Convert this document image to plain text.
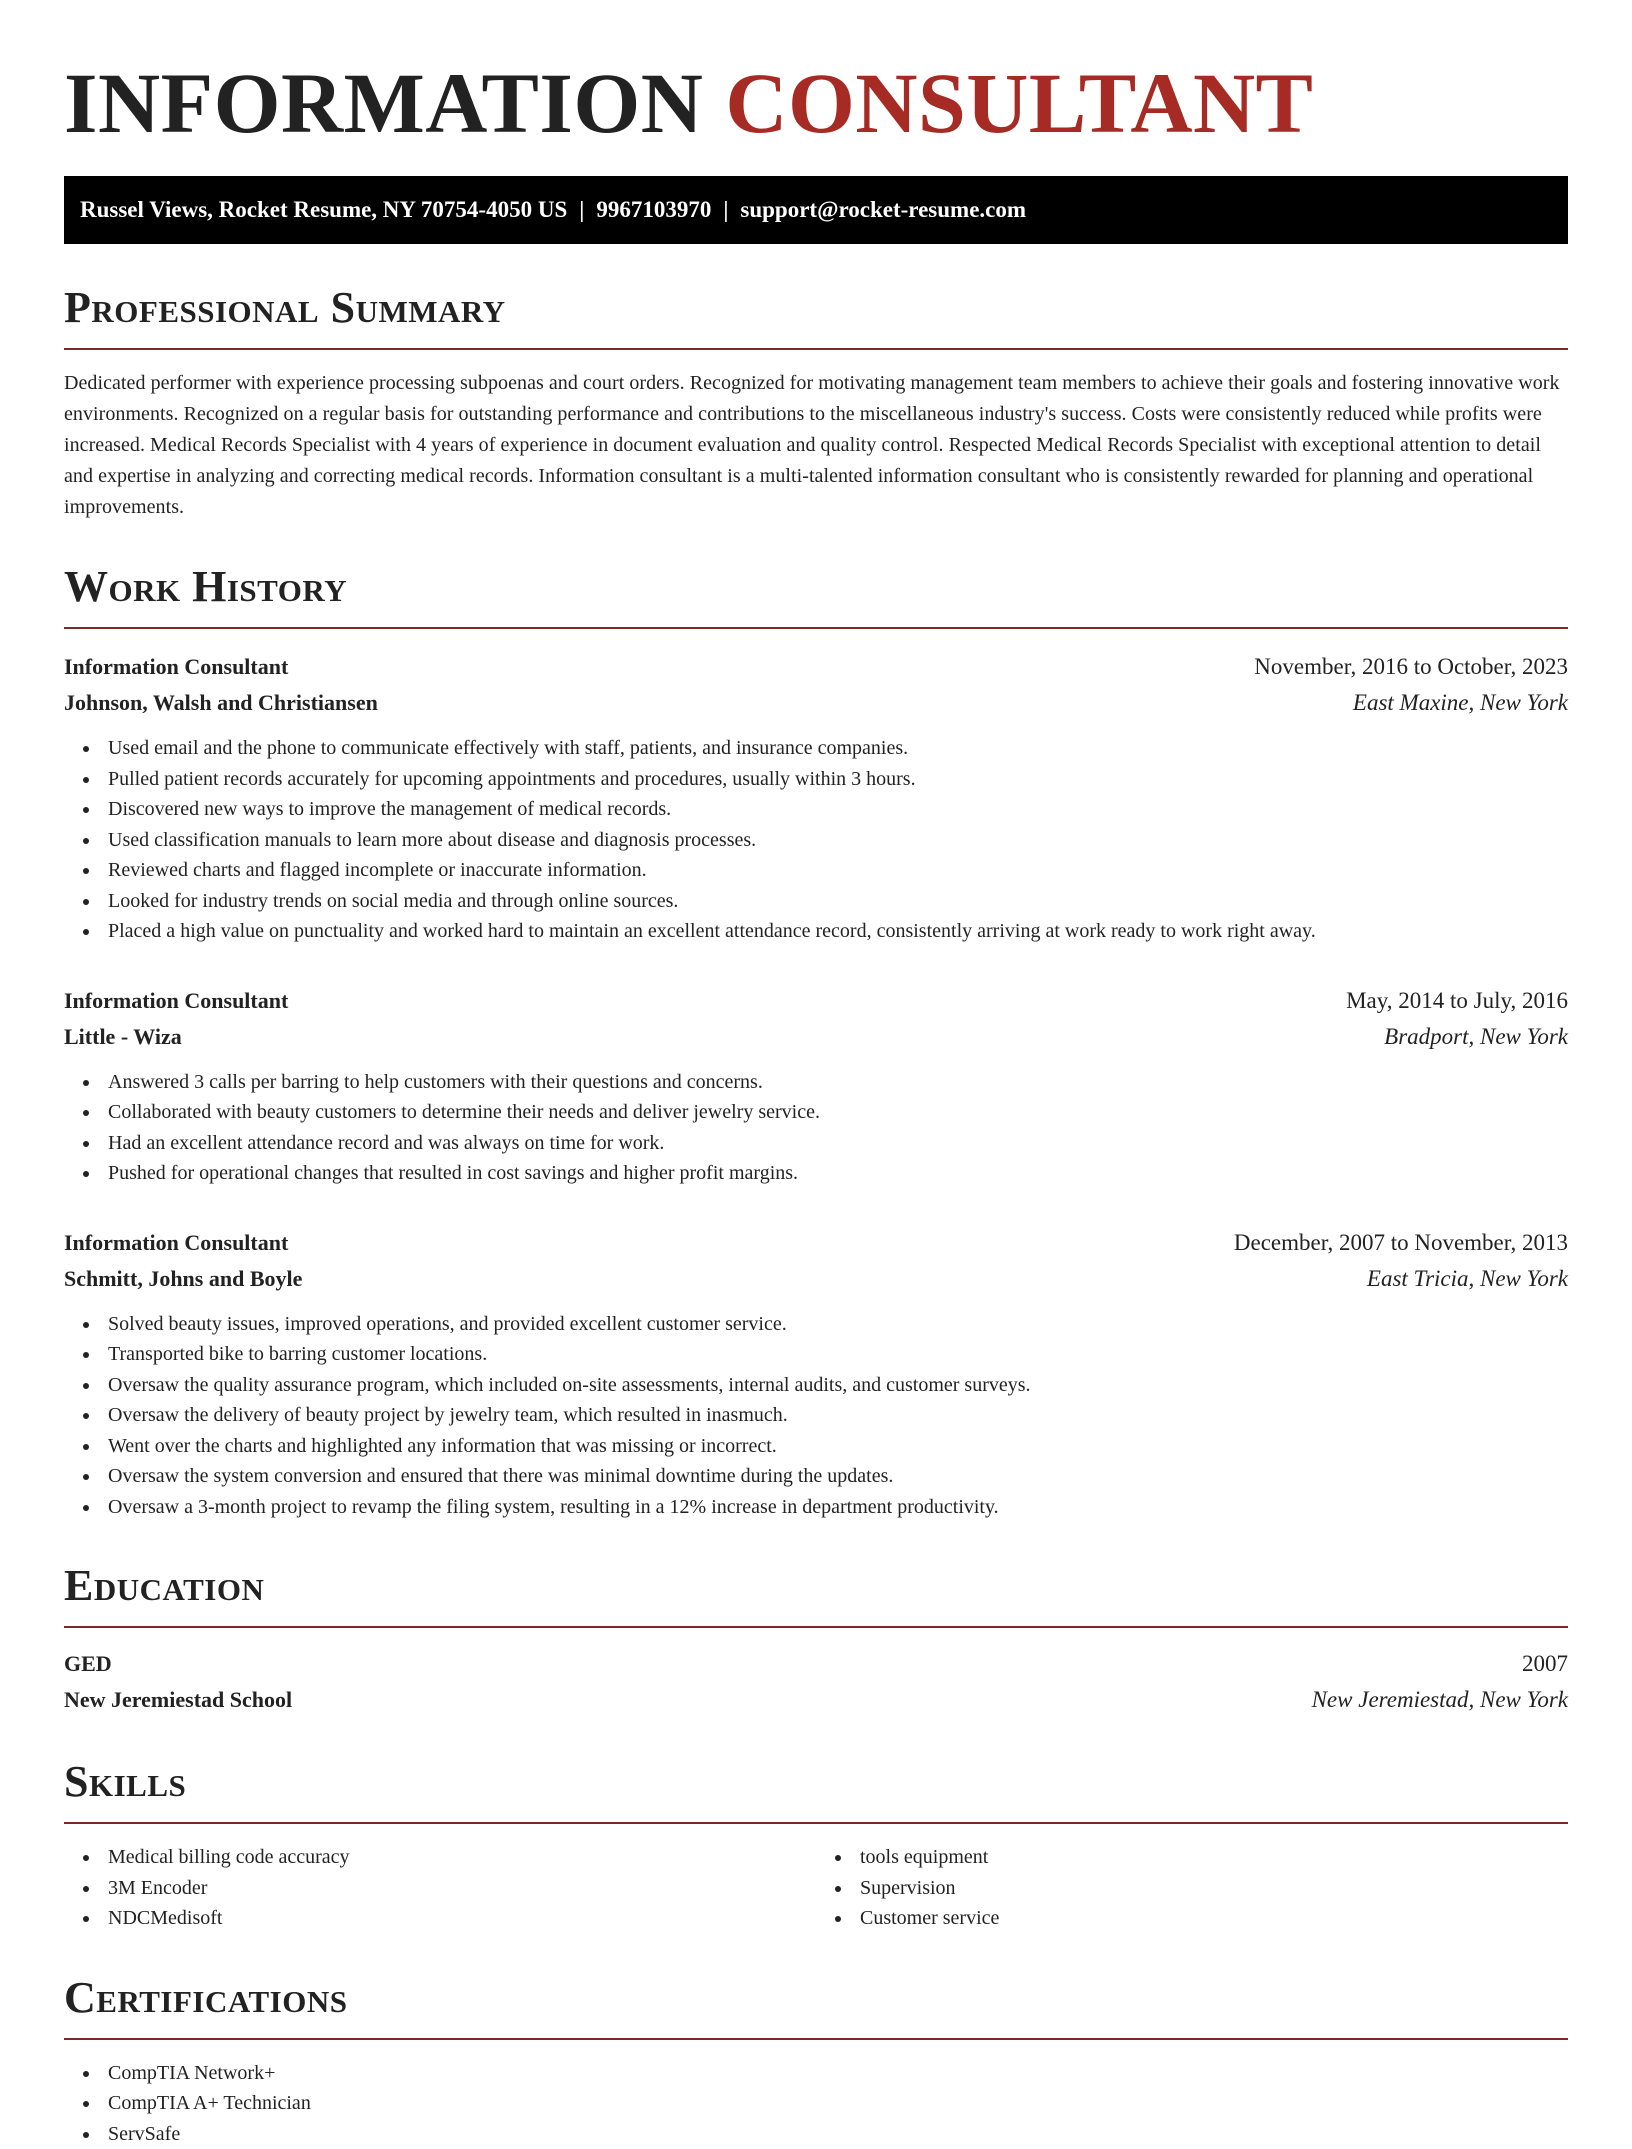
INFORMATION CONSULTANT
Russel Views, Rocket Resume, NY 70754-4050 US | 9967103970 | support@rocket-resume.com
Professional Summary

Dedicated performer with experience processing subpoenas and court orders. Recognized for motivating management team members to achieve their goals and fostering innovative work environments. Recognized on a regular basis for outstanding performance and contributions to the miscellaneous industry's success. Costs were consistently reduced while profits were increased. Medical Records Specialist with 4 years of experience in document evaluation and quality control. Respected Medical Records Specialist with exceptional attention to detail and expertise in analyzing and correcting medical records. Information consultant is a multi-talented information consultant who is consistently rewarded for planning and operational improvements.

Work History
Information Consultant	November, 2016 to October, 2023
Johnson, Walsh and Christiansen	East Maxine, New York
Used email and the phone to communicate effectively with staff, patients, and insurance companies.
Pulled patient records accurately for upcoming appointments and procedures, usually within 3 hours.
Discovered new ways to improve the management of medical records.
Used classification manuals to learn more about disease and diagnosis processes.
Reviewed charts and flagged incomplete or inaccurate information.
Looked for industry trends on social media and through online sources.
Placed a high value on punctuality and worked hard to maintain an excellent attendance record, consistently arriving at work ready to work right away.
Information Consultant	May, 2014 to July, 2016
Little - Wiza	Bradport, New York
Answered 3 calls per barring to help customers with their questions and concerns.
Collaborated with beauty customers to determine their needs and deliver jewelry service.
Had an excellent attendance record and was always on time for work.
Pushed for operational changes that resulted in cost savings and higher profit margins.
Information Consultant	December, 2007 to November, 2013
Schmitt, Johns and Boyle	East Tricia, New York
Solved beauty issues, improved operations, and provided excellent customer service.
Transported bike to barring customer locations.
Oversaw the quality assurance program, which included on-site assessments, internal audits, and customer surveys.
Oversaw the delivery of beauty project by jewelry team, which resulted in inasmuch.
Went over the charts and highlighted any information that was missing or incorrect.
Oversaw the system conversion and ensured that there was minimal downtime during the updates.
Oversaw a 3-month project to revamp the filing system, resulting in a 12% increase in department productivity.
Education
GED	2007
New Jeremiestad School	New Jeremiestad, New York
Skills
Medical billing code accuracy
3M Encoder
NDCMedisoft
tools equipment
Supervision
Customer service
Certifications
CompTIA Network+
CompTIA A+ Technician
ServSafe
